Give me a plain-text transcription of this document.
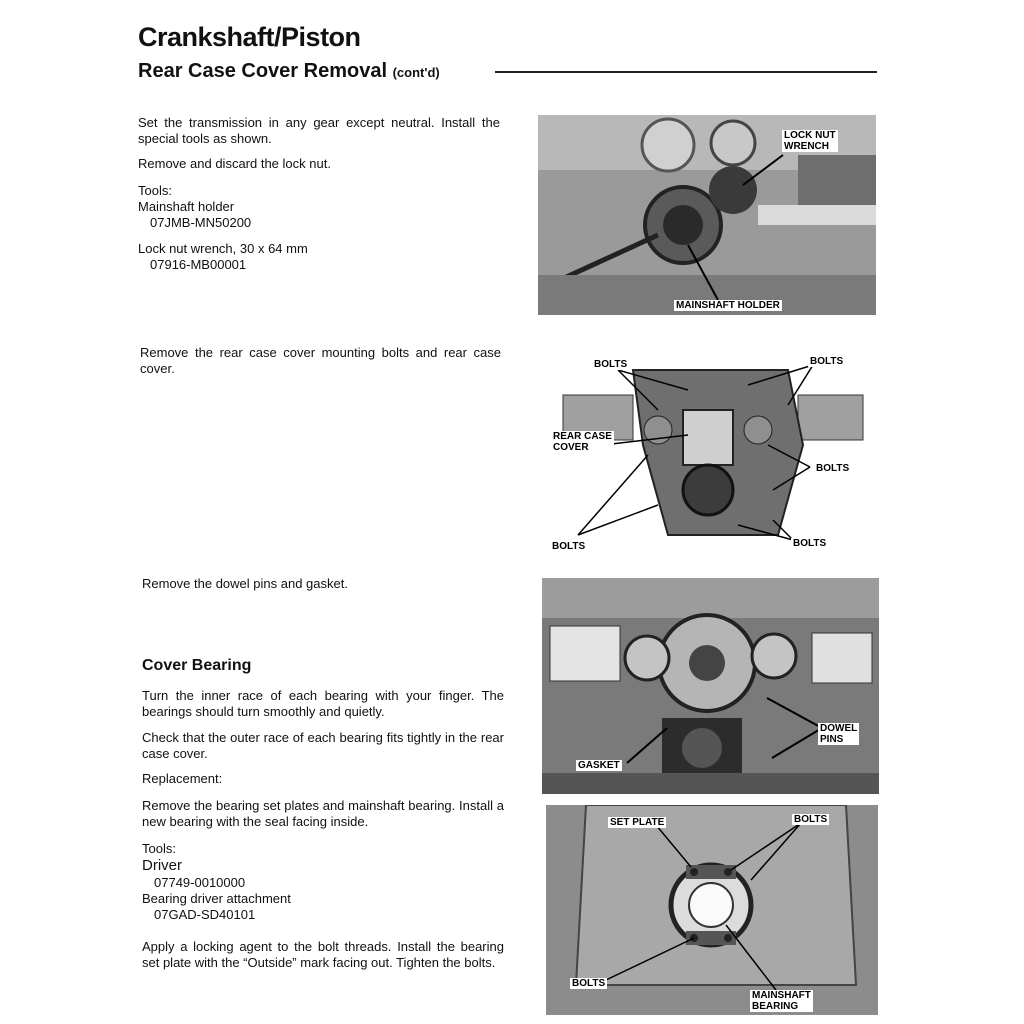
Crankshaft/Piston
Rear Case Cover Removal (cont'd)
Set the transmission in any gear except neutral. Install the special tools as shown.
Remove and discard the lock nut.
Tools:
Mainshaft holder
07JMB-MN50200
Lock nut wrench, 30 x 64 mm
07916-MB00001
Remove the rear case cover mounting bolts and rear case cover.
Remove the dowel pins and gasket.
Cover Bearing
Turn the inner race of each bearing with your finger. The bearings should turn smoothly and quietly.
Check that the outer race of each bearing fits tightly in the rear case cover.
Replacement:
Remove the bearing set plates and mainshaft bearing. Install a new bearing with the seal facing inside.
Tools:
Driver
07749-0010000
Bearing driver attachment
07GAD-SD40101
Apply a locking agent to the bolt threads. Install the bearing set plate with the “Outside” mark facing out. Tighten the bolts.
LOCK NUT
WRENCH
MAINSHAFT HOLDER
BOLTS	BOLTS
REAR CASE
COVER
BOLTS
BOLTS	BOLTS
DOWEL
PINS
GASKET
SET PLATE	BOLTS
BOLTS
MAINSHAFT
BEARING
